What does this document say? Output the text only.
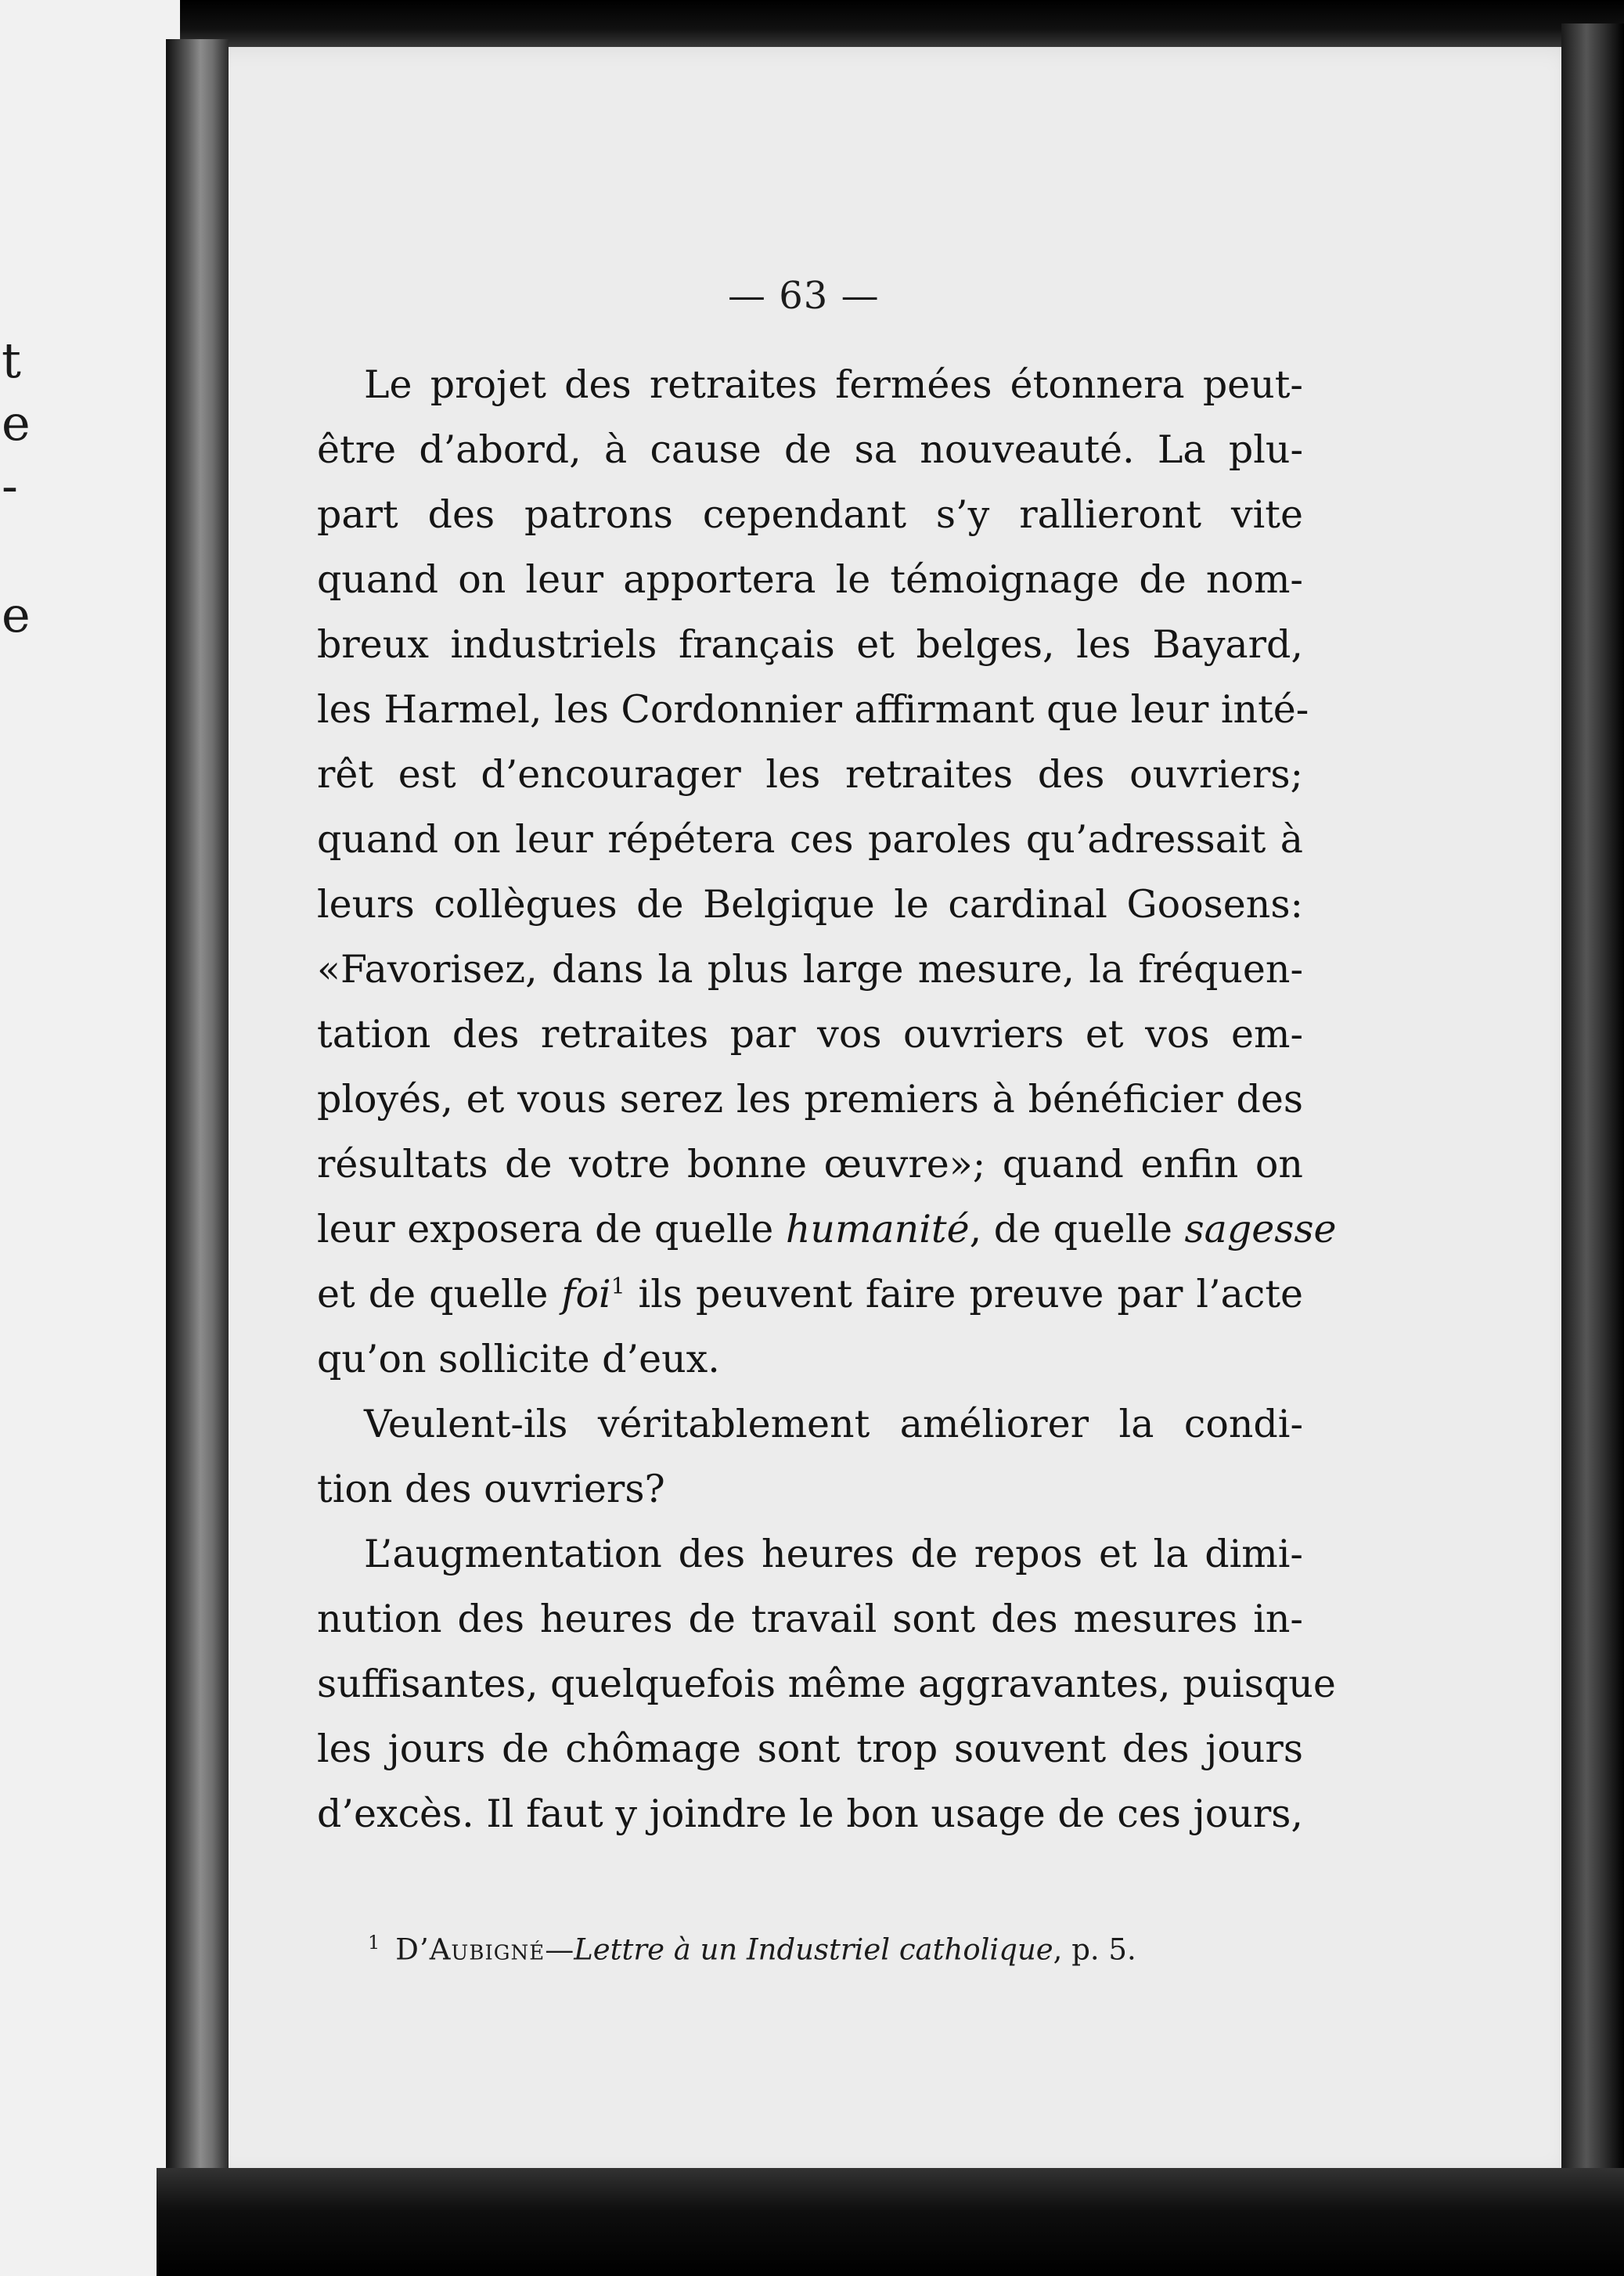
t
e
-
e
— 63 —
Le projet des retraites fermées étonnera peut-
être d’abord, à cause de sa nouveauté. La plu-
part des patrons cependant s’y rallieront vite
quand on leur apportera le témoignage de nom-
breux industriels français et belges, les Bayard,
les Harmel, les Cordonnier affirmant que leur inté-
rêt est d’encourager les retraites des ouvriers;
quand on leur répétera ces paroles qu’adressait à
leurs collègues de Belgique le cardinal Goosens:
«Favorisez, dans la plus large mesure, la fréquen-
tation des retraites par vos ouvriers et vos em-
ployés, et vous serez les premiers à bénéficier des
résultats de votre bonne œuvre»; quand enfin on
leur exposera de quelle humanité, de quelle sagesse
et de quelle foi$^1$ ils peuvent faire preuve par l’acte
qu’on sollicite d’eux.
Veulent-ils véritablement améliorer la condi-
tion des ouvriers?
L’augmentation des heures de repos et la dimi-
nution des heures de travail sont des mesures in-
suffisantes, quelquefois même aggravantes, puisque
les jours de chômage sont trop souvent des jours
d’excès. Il faut y joindre le bon usage de ces jours,
$^1$ D’Aubigné—Lettre à un Industriel catholique, p. 5.
